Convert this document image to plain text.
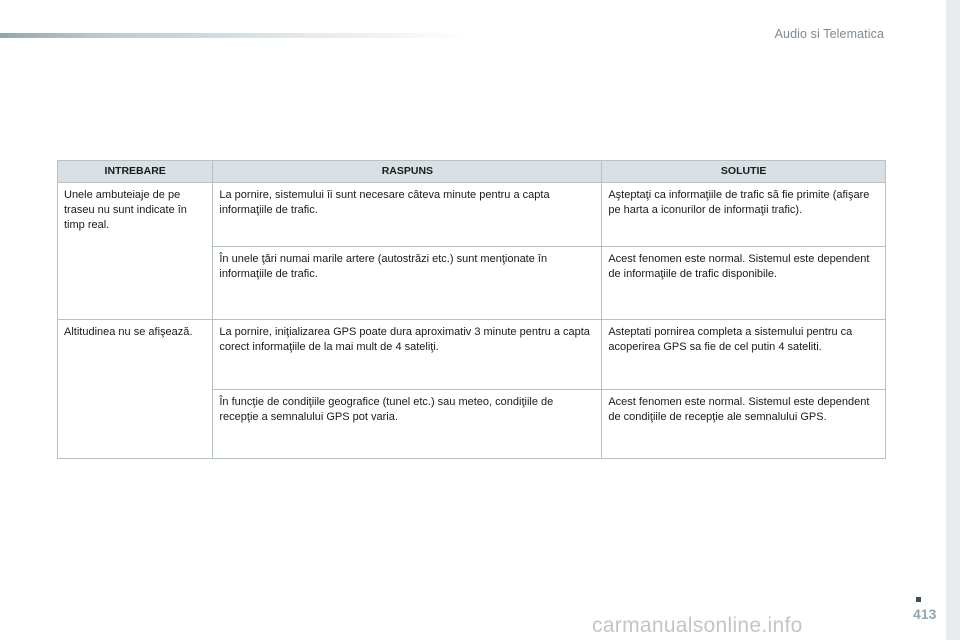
Audio si Telematica
INTREBARE	RASPUNS	SOLUTIE
Unele ambuteiaje de pe traseu nu sunt indicate în timp real.	La pornire, sistemului îi sunt necesare câteva minute pentru a capta informaţiile de trafic.	Aşteptaţi ca informaţiile de trafic să fie primite (afişare pe harta a iconurilor de informaţii trafic).
	În unele ţări numai marile artere (autostrăzi etc.) sunt menţionate în informaţiile de trafic.	Acest fenomen este normal. Sistemul este dependent de informaţiile de trafic disponibile.
Altitudinea nu se afişează.	La pornire, iniţializarea GPS poate dura aproximativ 3 minute pentru a capta corect informaţiile de la mai mult de 4 sateliţi.	Asteptati pornirea completa a sistemului pentru ca acoperirea GPS sa fie de cel putin 4 sateliti.
	În funcţie de condiţiile geografice (tunel etc.) sau meteo, condiţiile de recepţie a semnalului GPS pot varia.	Acest fenomen este normal. Sistemul este dependent de condiţiile de recepţie ale semnalului GPS.
413
carmanualsonline.info
